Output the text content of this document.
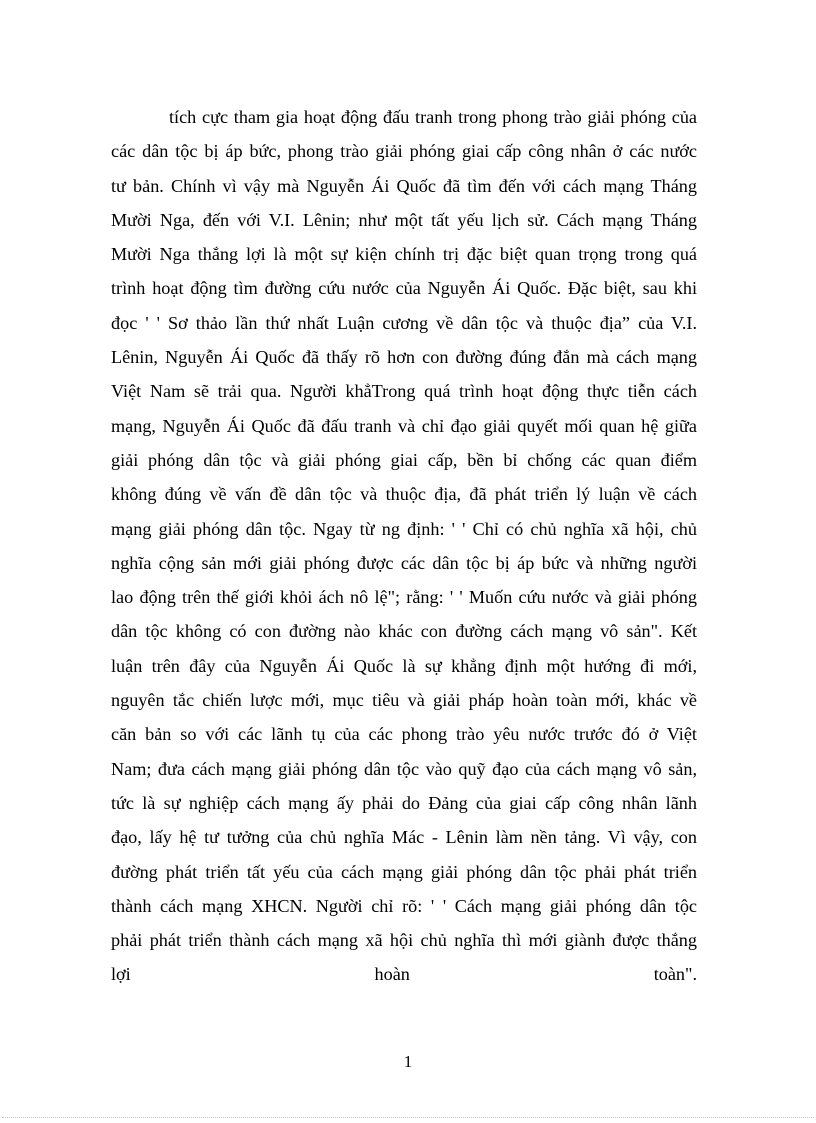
tích cực tham gia hoạt động đấu tranh trong phong trào giải phóng của
các dân tộc bị áp bức, phong trào giải phóng giai cấp công nhân ở các nước
tư bản. Chính vì vậy mà Nguyễn Ái Quốc đã tìm đến với cách mạng Tháng
Mười Nga, đến với V.I. Lênin; như một tất yếu lịch sử. Cách mạng Tháng
Mười Nga thắng lợi là một sự kiện chính trị đặc biệt quan trọng trong quá
trình hoạt động tìm đường cứu nước của Nguyễn Ái Quốc. Đặc biệt, sau khi
đọc ' ' Sơ thảo lần thứ nhất Luận cương về dân tộc và thuộc địa” của V.I.
Lênin, Nguyễn Ái Quốc đã thấy rõ hơn con đường đúng đắn mà cách mạng
Việt Nam sẽ trải qua. Người khẳTrong quá trình hoạt động thực tiễn cách
mạng, Nguyễn Ái Quốc đã đấu tranh và chỉ đạo giải quyết mối quan hệ giữa
giải phóng dân tộc và giải phóng giai cấp, bền bỉ chống các quan điểm
không đúng về vấn đề dân tộc và thuộc địa, đã phát triển lý luận về cách
mạng giải phóng dân tộc. Ngay từ ng định: ' ' Chỉ có chủ nghĩa xã hội, chủ
nghĩa cộng sản mới giải phóng được các dân tộc bị áp bức và những người
lao động trên thế giới khỏi ách nô lệ"; rằng: ' ' Muốn cứu nước và giải phóng
dân tộc không có con đường nào khác con đường cách mạng vô sản". Kết
luận trên đây của Nguyễn Ái Quốc là sự khẳng định một hướng đi mới,
nguyên tắc chiến lược mới, mục tiêu và giải pháp hoàn toàn mới, khác về
căn bản so với các lãnh tụ của các phong trào yêu nước trước đó ở Việt
Nam; đưa cách mạng giải phóng dân tộc vào quỹ đạo của cách mạng vô sản,
tức là sự nghiệp cách mạng ấy phải do Đảng của giai cấp công nhân lãnh
đạo, lấy hệ tư tưởng của chủ nghĩa Mác - Lênin làm nền tảng. Vì vậy, con
đường phát triển tất yếu của cách mạng giải phóng dân tộc phải phát triển
thành cách mạng XHCN. Người chỉ rõ: ' ' Cách mạng giải phóng dân tộc
phải phát triển thành cách mạng xã hội chủ nghĩa thì mới giành được thắng
lợi hoàn toàn".
1
